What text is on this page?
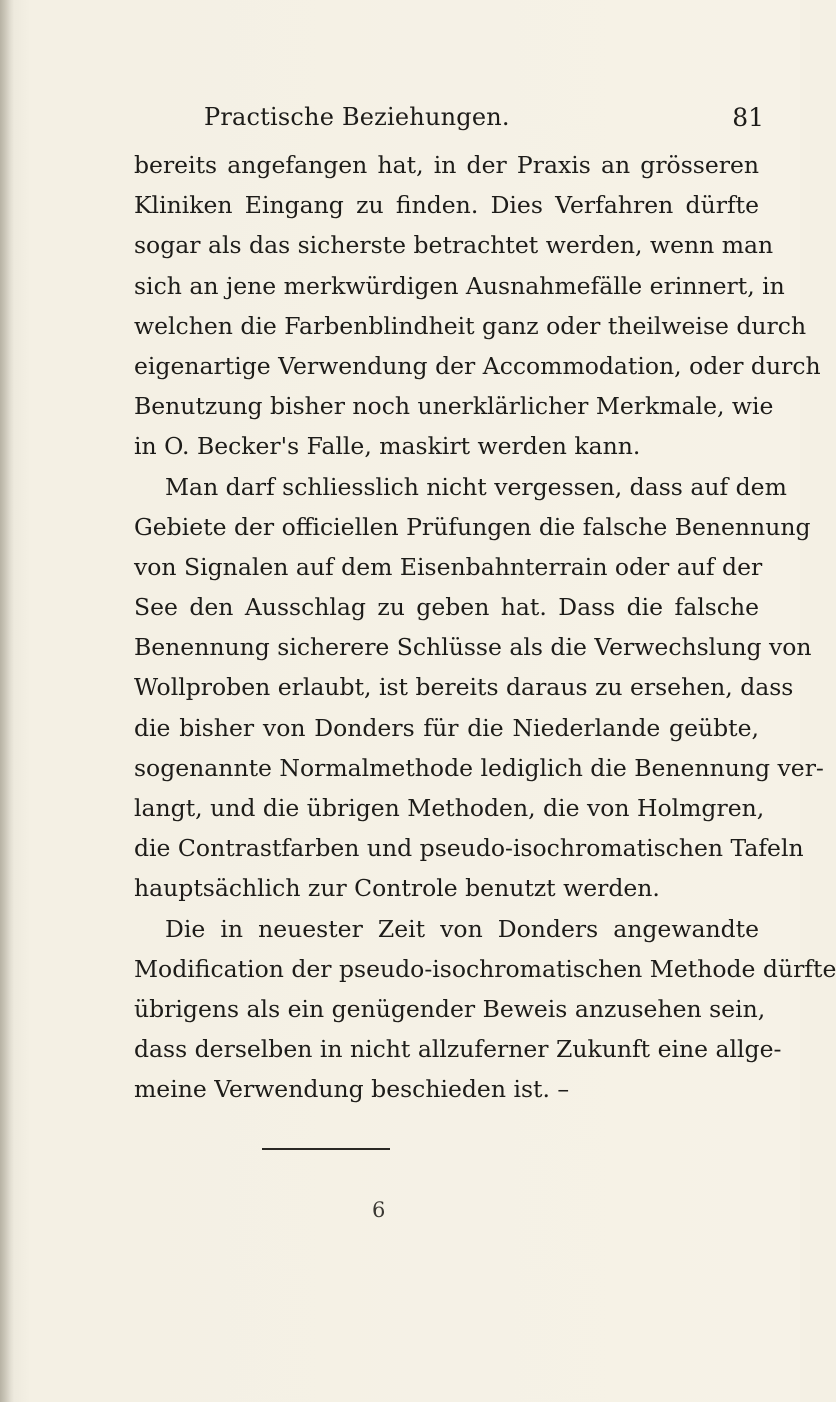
Practische Beziehungen.	81
bereits angefangen hat, in der Praxis an grösseren
Kliniken Eingang zu finden. Dies Verfahren dürfte
sogar als das sicherste betrachtet werden, wenn man
sich an jene merkwürdigen Ausnahmefälle erinnert, in
welchen die Farbenblindheit ganz oder theilweise durch
eigenartige Verwendung der Accommodation, oder durch
Benutzung bisher noch unerklärlicher Merkmale, wie
in O. Becker's Falle, maskirt werden kann.
Man darf schliesslich nicht vergessen, dass auf dem
Gebiete der officiellen Prüfungen die falsche Benennung
von Signalen auf dem Eisenbahnterrain oder auf der
See den Ausschlag zu geben hat. Dass die falsche
Benennung sicherere Schlüsse als die Verwechslung von
Wollproben erlaubt, ist bereits daraus zu ersehen, dass
die bisher von Donders für die Niederlande geübte,
sogenannte Normalmethode lediglich die Benennung ver-
langt, und die übrigen Methoden, die von Holmgren,
die Contrastfarben und pseudo-isochromatischen Tafeln
hauptsächlich zur Controle benutzt werden.
Die in neuester Zeit von Donders angewandte
Modification der pseudo-isochromatischen Methode dürfte
übrigens als ein genügender Beweis anzusehen sein,
dass derselben in nicht allzuferner Zukunft eine allge-
meine Verwendung beschieden ist. –
6
